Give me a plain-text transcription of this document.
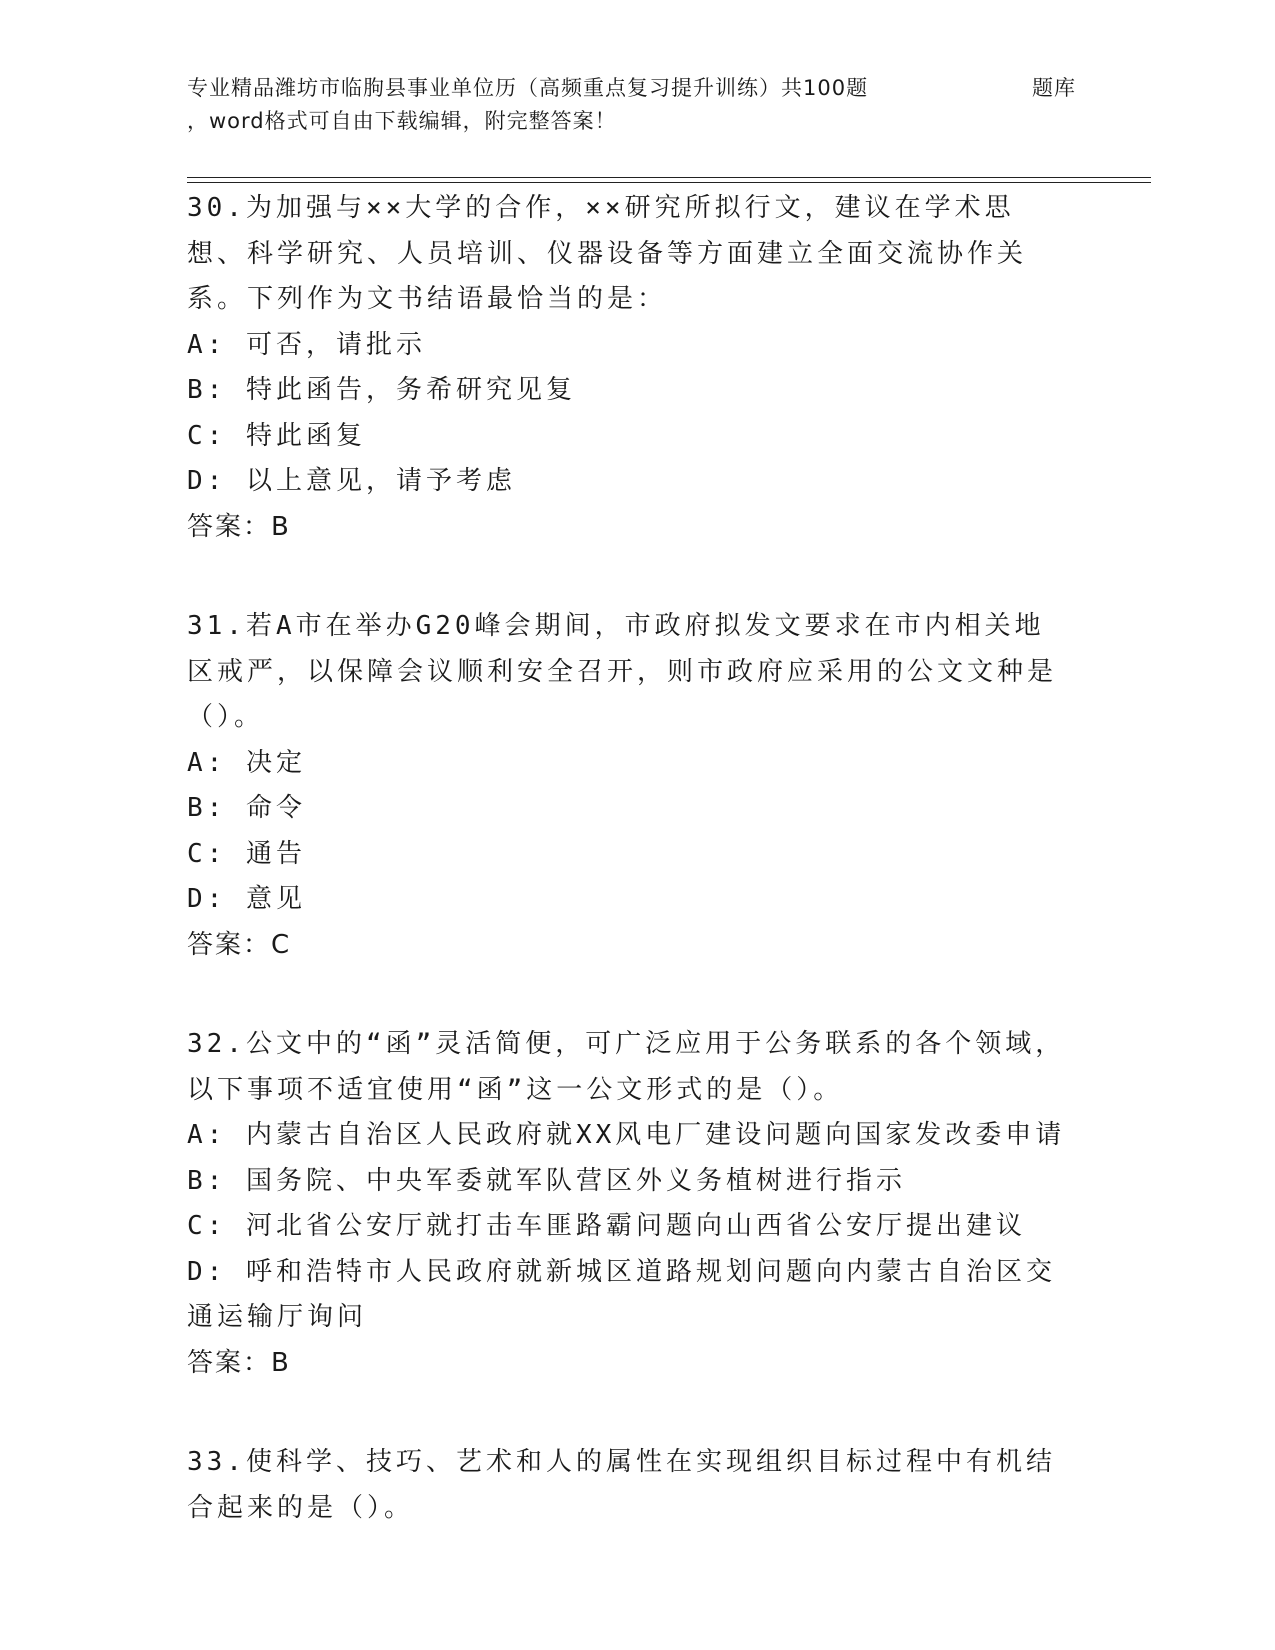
专业精品潍坊市临朐县事业单位历（高频重点复习提升训练）共100题	题库
，word格式可自由下载编辑，附完整答案！

30.为加强与××大学的合作，××研究所拟行文，建议在学术思想、科学研究、人员培训、仪器设备等方面建立全面交流协作关系。下列作为文书结语最恰当的是：

A: 可否，请批示

B: 特此函告，务希研究见复

C: 特此函复

D: 以上意见，请予考虑

答案：B

31.若A市在举办G20峰会期间，市政府拟发文要求在市内相关地区戒严，以保障会议顺利安全召开，则市政府应采用的公文文种是（）。

A: 决定

B: 命令

C: 通告

D: 意见

答案：C

32.公文中的“函”灵活简便，可广泛应用于公务联系的各个领域，以下事项不适宜使用“函”这一公文形式的是（）。

A: 内蒙古自治区人民政府就XX风电厂建设问题向国家发改委申请

B: 国务院、中央军委就军队营区外义务植树进行指示

C: 河北省公安厅就打击车匪路霸问题向山西省公安厅提出建议

D: 呼和浩特市人民政府就新城区道路规划问题向内蒙古自治区交通运输厅询问

答案：B

33.使科学、技巧、艺术和人的属性在实现组织目标过程中有机结合起来的是（）。
